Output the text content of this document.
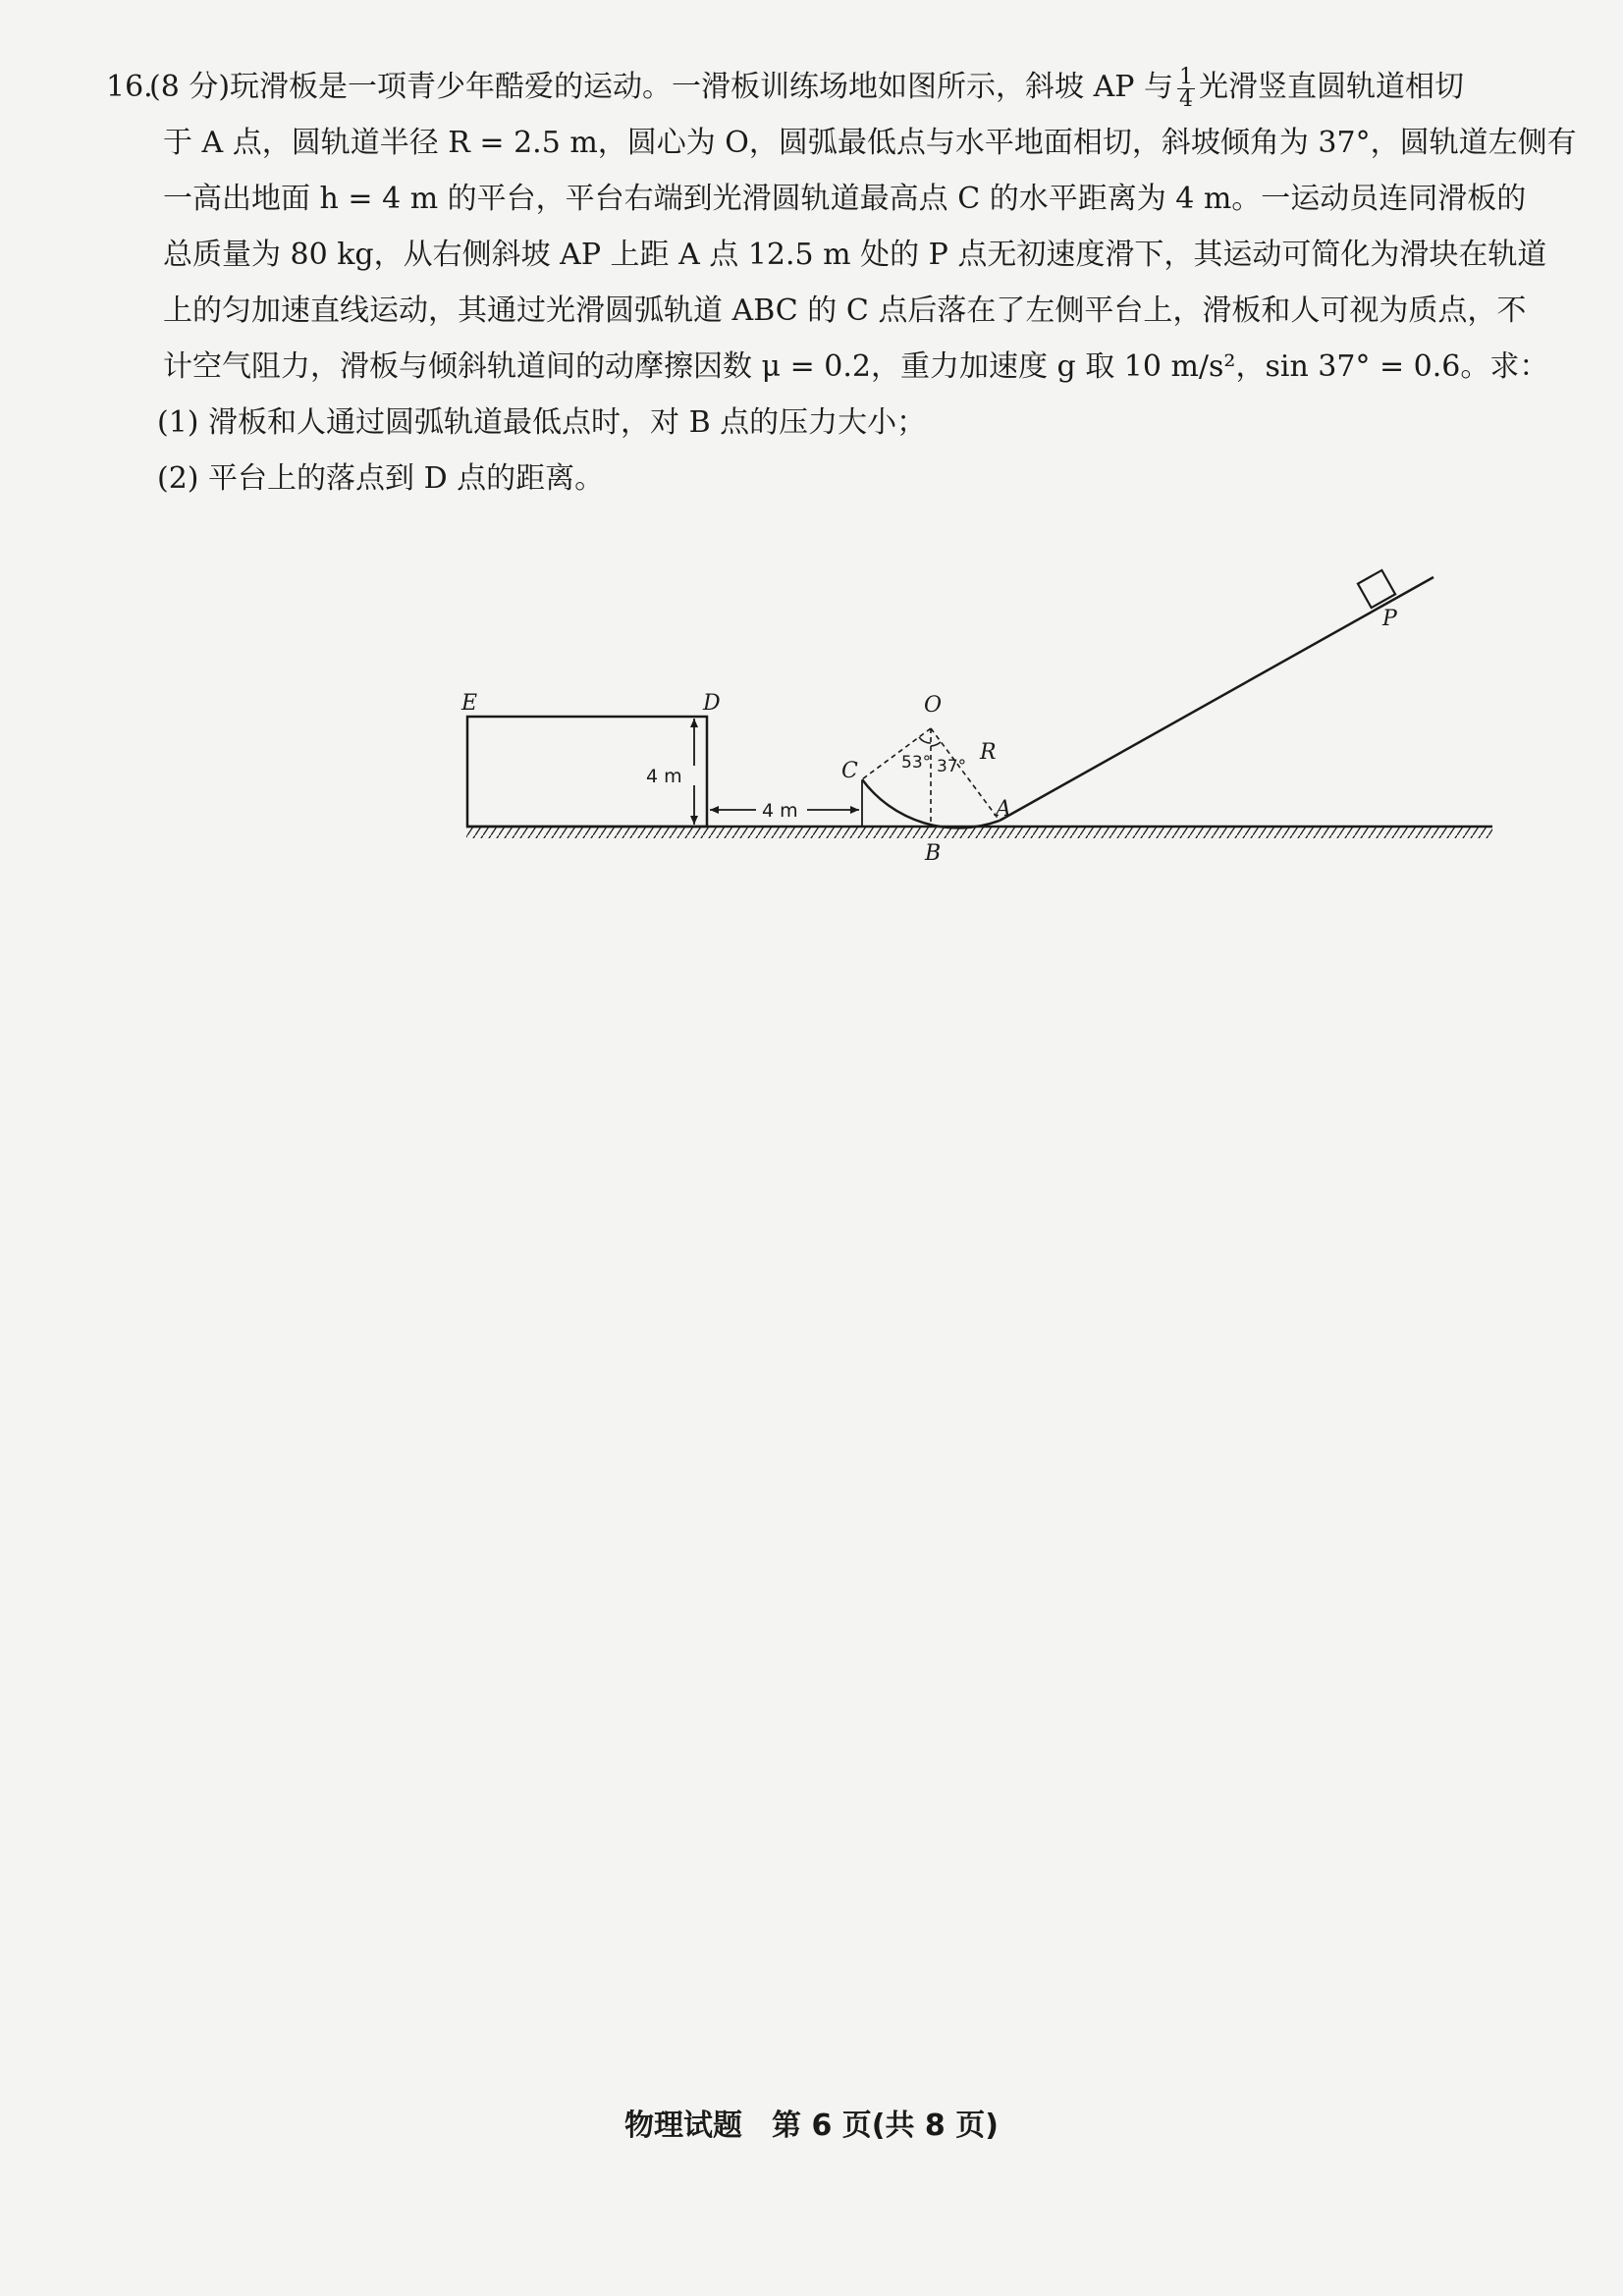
16.(8 分)玩滑板是一项青少年酷爱的运动。一滑板训练场地如图所示，斜坡 AP 与 $\frac{1}{4}$ 光滑竖直圆轨道相切
于 A 点，圆轨道半径 R = 2.5 m，圆心为 O，圆弧最低点与水平地面相切，斜坡倾角为 37°，圆轨道左侧有
一高出地面 h = 4 m 的平台，平台右端到光滑圆轨道最高点 C 的水平距离为 4 m。一运动员连同滑板的
总质量为 80 kg，从右侧斜坡 AP 上距 A 点 12.5 m 处的 P 点无初速度滑下，其运动可简化为滑块在轨道
上的匀加速直线运动，其通过光滑圆弧轨道 ABC 的 C 点后落在了左侧平台上，滑板和人可视为质点，不
计空气阻力，滑板与倾斜轨道间的动摩擦因数 μ = 0.2，重力加速度 g 取 10 m/s²，sin 37° = 0.6。求：
(1) 滑板和人通过圆弧轨道最低点时，对 B 点的压力大小；
(2) 平台上的落点到 D 点的距离。
E	D
4 m
4 m
53° 37°
O
R
C
A
B
P
物理试题　第 6 页(共 8 页)
